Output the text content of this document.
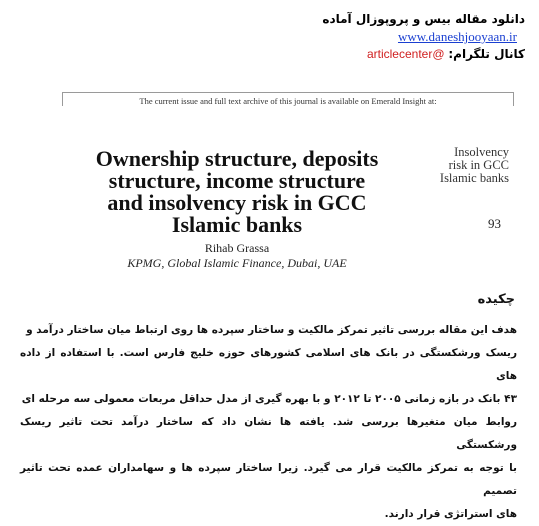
دانلود مقاله بیس و پروپوزال آماده
www.daneshjooyaan.ir
کانال تلگرام: @articlecenter
The current issue and full text archive of this journal is available on Emerald Insight at:
Ownership structure, deposits
structure, income structure
and insolvency risk in GCC
Islamic banks
Rihab Grassa
KPMG, Global Islamic Finance, Dubai, UAE
Insolvency
risk in GCC
Islamic banks
93
چکیده
هدف این مقاله بررسی تاثیر تمرکز مالکیت و ساختار سپرده ها روی ارتباط میان ساختار درآمد و
ریسک ورشکستگی در بانک های اسلامی کشورهای حوزه خلیج فارس است. با استفاده از داده های
۴۳ بانک در بازه زمانی ۲۰۰۵ تا ۲۰۱۲ و با بهره گیری از مدل حداقل مربعات معمولی سه مرحله ای
روابط میان متغیرها بررسی شد. یافته ها نشان داد که ساختار درآمد تحت تاثیر ریسک ورشکستگی
با توجه به تمرکز مالکیت قرار می گیرد. زیرا ساختار سپرده ها و سهامداران عمده تحت تاثیر تصمیم
های استراتژی قرار دارند.
